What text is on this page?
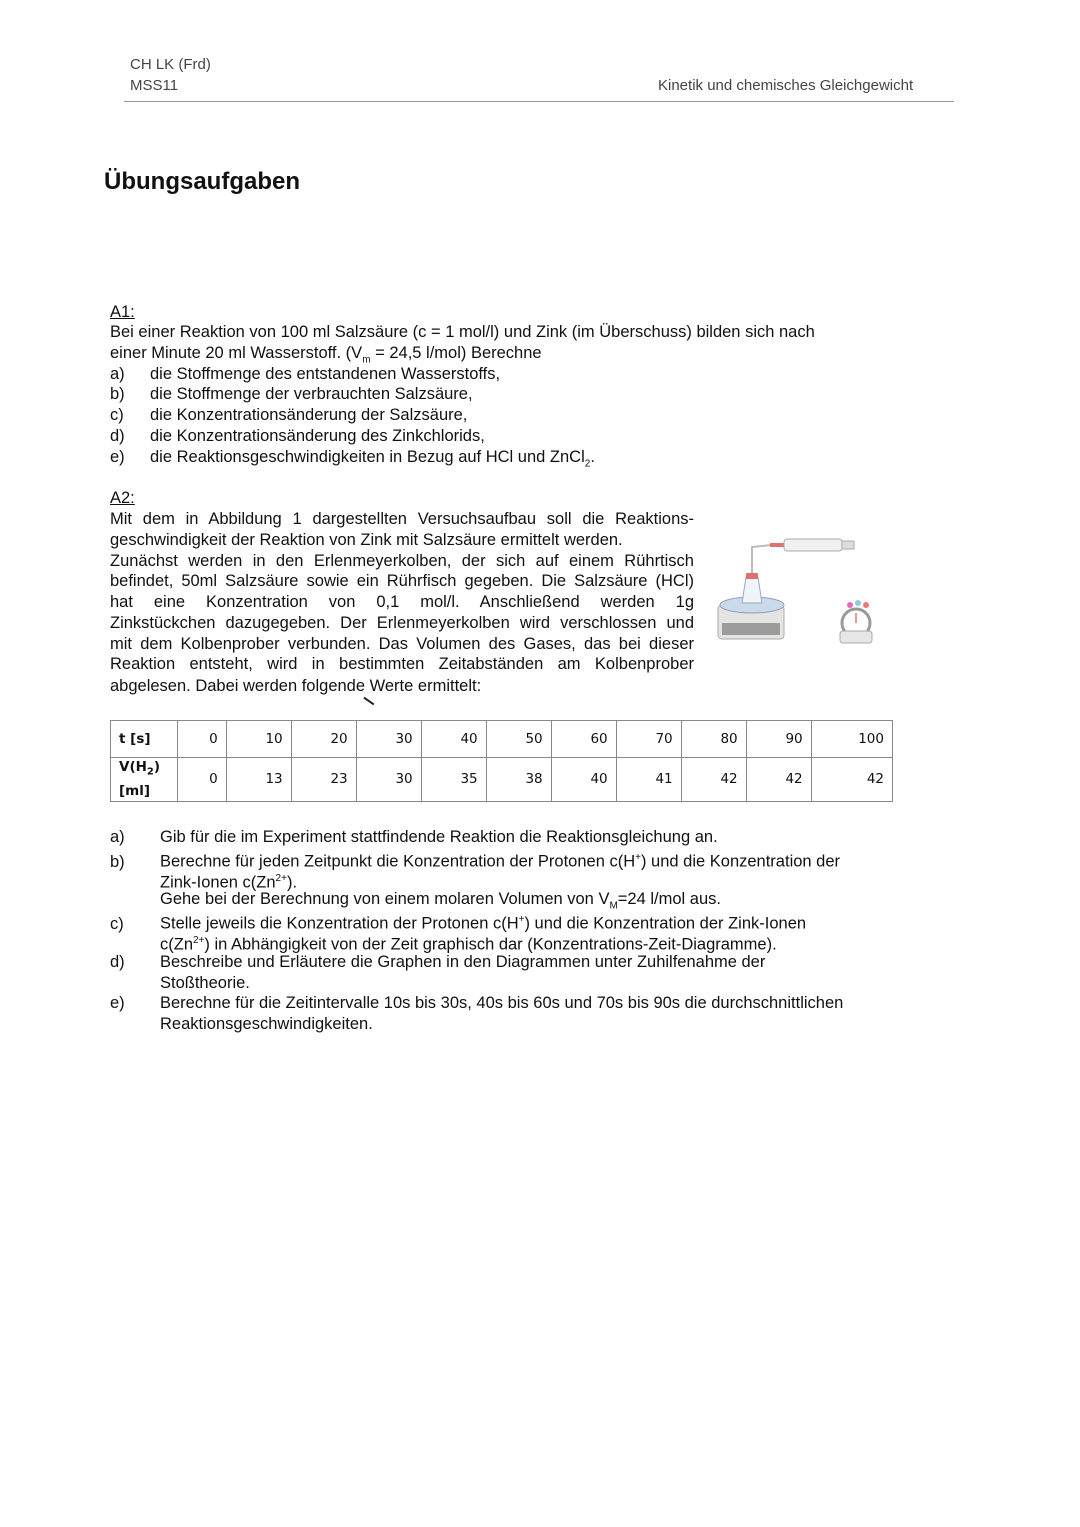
CH LK (Frd)
MSS11	Kinetik und chemisches Gleichgewicht
Übungsaufgaben
A1:
Bei einer Reaktion von 100 ml Salzsäure (c = 1 mol/l) und Zink (im Überschuss) bilden sich nach
einer Minute 20 ml Wasserstoff. ($V_m = 24,5$ l/mol) Berechne
a) die Stoffmenge des entstandenen Wasserstoffs,
b) die Stoffmenge der verbrauchten Salzsäure,
c) die Konzentrationsänderung der Salzsäure,
d) die Konzentrationsänderung des Zinkchlorids,
e) die Reaktionsgeschwindigkeiten in Bezug auf HCl und ZnCl$_2$.
A2:
Mit dem in Abbildung 1 dargestellten Versuchsaufbau soll die Reaktions-
geschwindigkeit der Reaktion von Zink mit Salzsäure ermittelt werden.
Zunächst werden in den Erlenmeyerkolben, der sich auf einem Rührtisch
befindet, 50ml Salzsäure sowie ein Rührfisch gegeben. Die Salzsäure (HCl)
hat eine Konzentration von 0,1 mol/l. Anschließend werden 1g
Zinkstückchen dazugegeben. Der Erlenmeyerkolben wird verschlossen und
mit dem Kolbenprober verbunden. Das Volumen des Gases, das bei dieser
Reaktion entsteht, wird in bestimmten Zeitabständen am Kolbenprober
abgelesen. Dabei werden folgende Werte ermittelt:
t [s]	0	10	20	30	40	50	60	70	80	90	100
$V(H_2)$
[ml]	0	13	23	30	35	38	40	41	42	42	42
a) Gib für die im Experiment stattfindende Reaktion die Reaktionsgleichung an.
b) Berechne für jeden Zeitpunkt die Konzentration der Protonen c(H+) und die Konzentration der
Zink-Ionen $c(Zn^{2+})$.
Gehe bei der Berechnung von einem molaren Volumen von $V_M=24$ l/mol aus.
c) Stelle jeweils die Konzentration der Protonen c(H+) und die Konzentration der Zink-Ionen
$c(Zn^{2+})$ in Abhängigkeit von der Zeit graphisch dar (Konzentrations-Zeit-Diagramme).
d) Beschreibe und Erläutere die Graphen in den Diagrammen unter Zuhilfenahme der
Stoßtheorie.
e) Berechne für die Zeitintervalle 10s bis 30s, 40s bis 60s und 70s bis 90s die durchschnittlichen
Reaktionsgeschwindigkeiten.
